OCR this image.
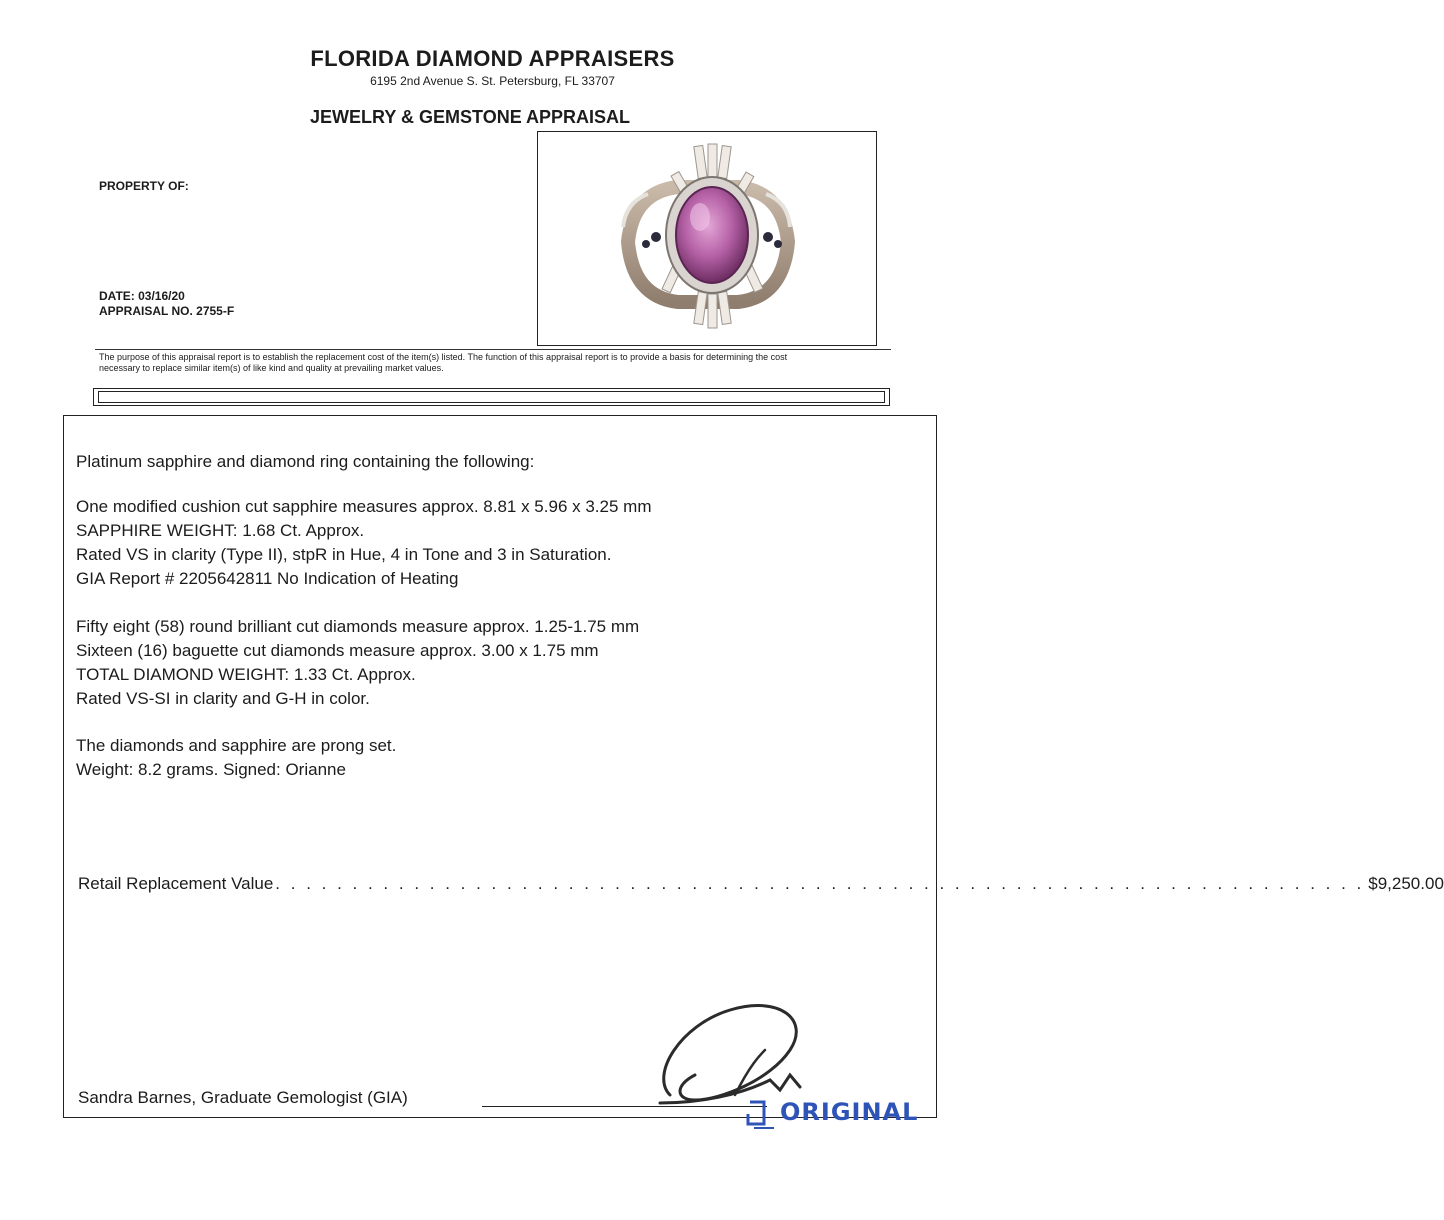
FLORIDA DIAMOND APPRAISERS
6195 2nd Avenue S. St. Petersburg, FL 33707
JEWELRY & GEMSTONE APPRAISAL
PROPERTY OF:
DATE: 03/16/20
APPRAISAL NO. 2755-F
The purpose of this appraisal report is to establish the replacement cost of the item(s) listed. The function of this appraisal report is to provide a basis for determining the cost
necessary to replace similar item(s) of like kind and quality at prevailing market values.
Platinum sapphire and diamond ring containing the following:
One modified cushion cut sapphire measures approx. 8.81 x 5.96 x 3.25 mm
SAPPHIRE WEIGHT: 1.68 Ct. Approx.
Rated VS in clarity (Type II), stpR in Hue, 4 in Tone and 3 in Saturation.
GIA Report # 2205642811 No Indication of Heating
Fifty eight (58) round brilliant cut diamonds measure approx. 1.25-1.75 mm
Sixteen (16) baguette cut diamonds measure approx. 3.00 x 1.75 mm
TOTAL DIAMOND WEIGHT: 1.33 Ct. Approx.
Rated VS-SI in clarity and G-H in color.
The diamonds and sapphire are prong set.
Weight: 8.2 grams. Signed: Orianne
Retail Replacement Value . . . . . . . . . . . . . . . . . . . . . . . . . . . . . . . . . . . . . . . . . . . . . . . . . . . . . . . . . . . . . . . . . . . . . . . $9,250.00
Sandra Barnes, Graduate Gemologist (GIA)
ORIGINAL
